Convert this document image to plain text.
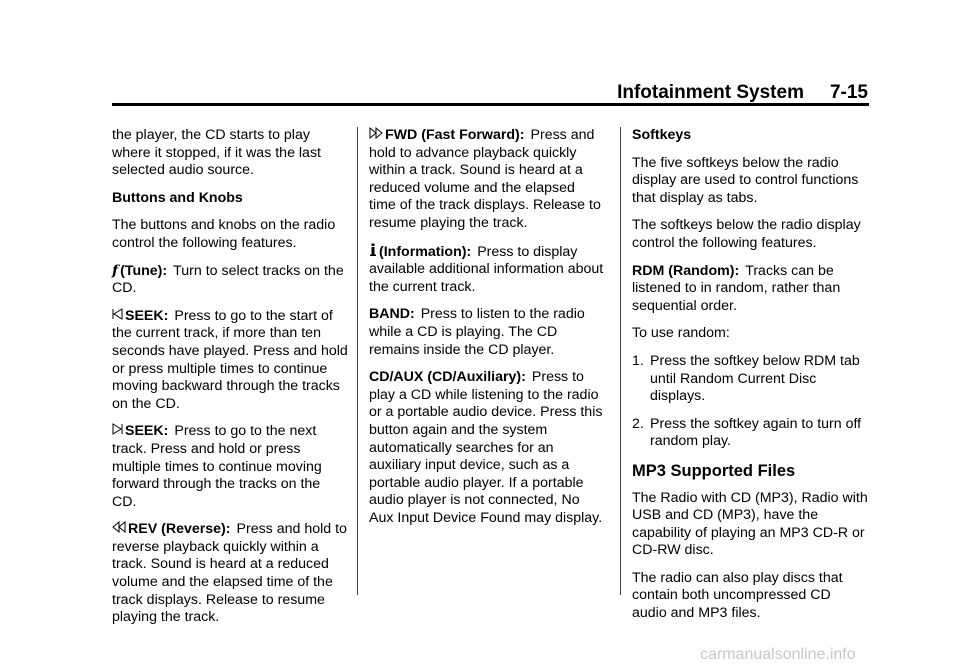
Infotainment System 7-15

the player, the CD starts to play where it stopped, if it was the last selected audio source.

Buttons and Knobs

The buttons and knobs on the radio control the following features.

f (Tune): Turn to select tracks on the CD.

SEEK: Press to go to the start of the current track, if more than ten seconds have played. Press and hold or press multiple times to continue moving backward through the tracks on the CD.

SEEK: Press to go to the next track. Press and hold or press multiple times to continue moving forward through the tracks on the CD.

REV (Reverse): Press and hold to reverse playback quickly within a track. Sound is heard at a reduced volume and the elapsed time of the track displays. Release to resume playing the track.

FWD (Fast Forward): Press and hold to advance playback quickly within a track. Sound is heard at a reduced volume and the elapsed time of the track displays. Release to resume playing the track.

(Information): Press to display available additional information about the current track.

BAND: Press to listen to the radio while a CD is playing. The CD remains inside the CD player.

CD/AUX (CD/Auxiliary): Press to play a CD while listening to the radio or a portable audio device. Press this button again and the system automatically searches for an auxiliary input device, such as a portable audio player. If a portable audio player is not connected, No Aux Input Device Found may display.

Softkeys

The five softkeys below the radio display are used to control functions that display as tabs.

The softkeys below the radio display control the following features.

RDM (Random): Tracks can be listened to in random, rather than sequential order.

To use random:

1. Press the softkey below RDM tab until Random Current Disc displays.
2. Press the softkey again to turn off random play.
MP3 Supported Files

The Radio with CD (MP3), Radio with USB and CD (MP3), have the capability of playing an MP3 CD-R or CD-RW disc.

The radio can also play discs that contain both uncompressed CD audio and MP3 files.

carmanualsonline.info
